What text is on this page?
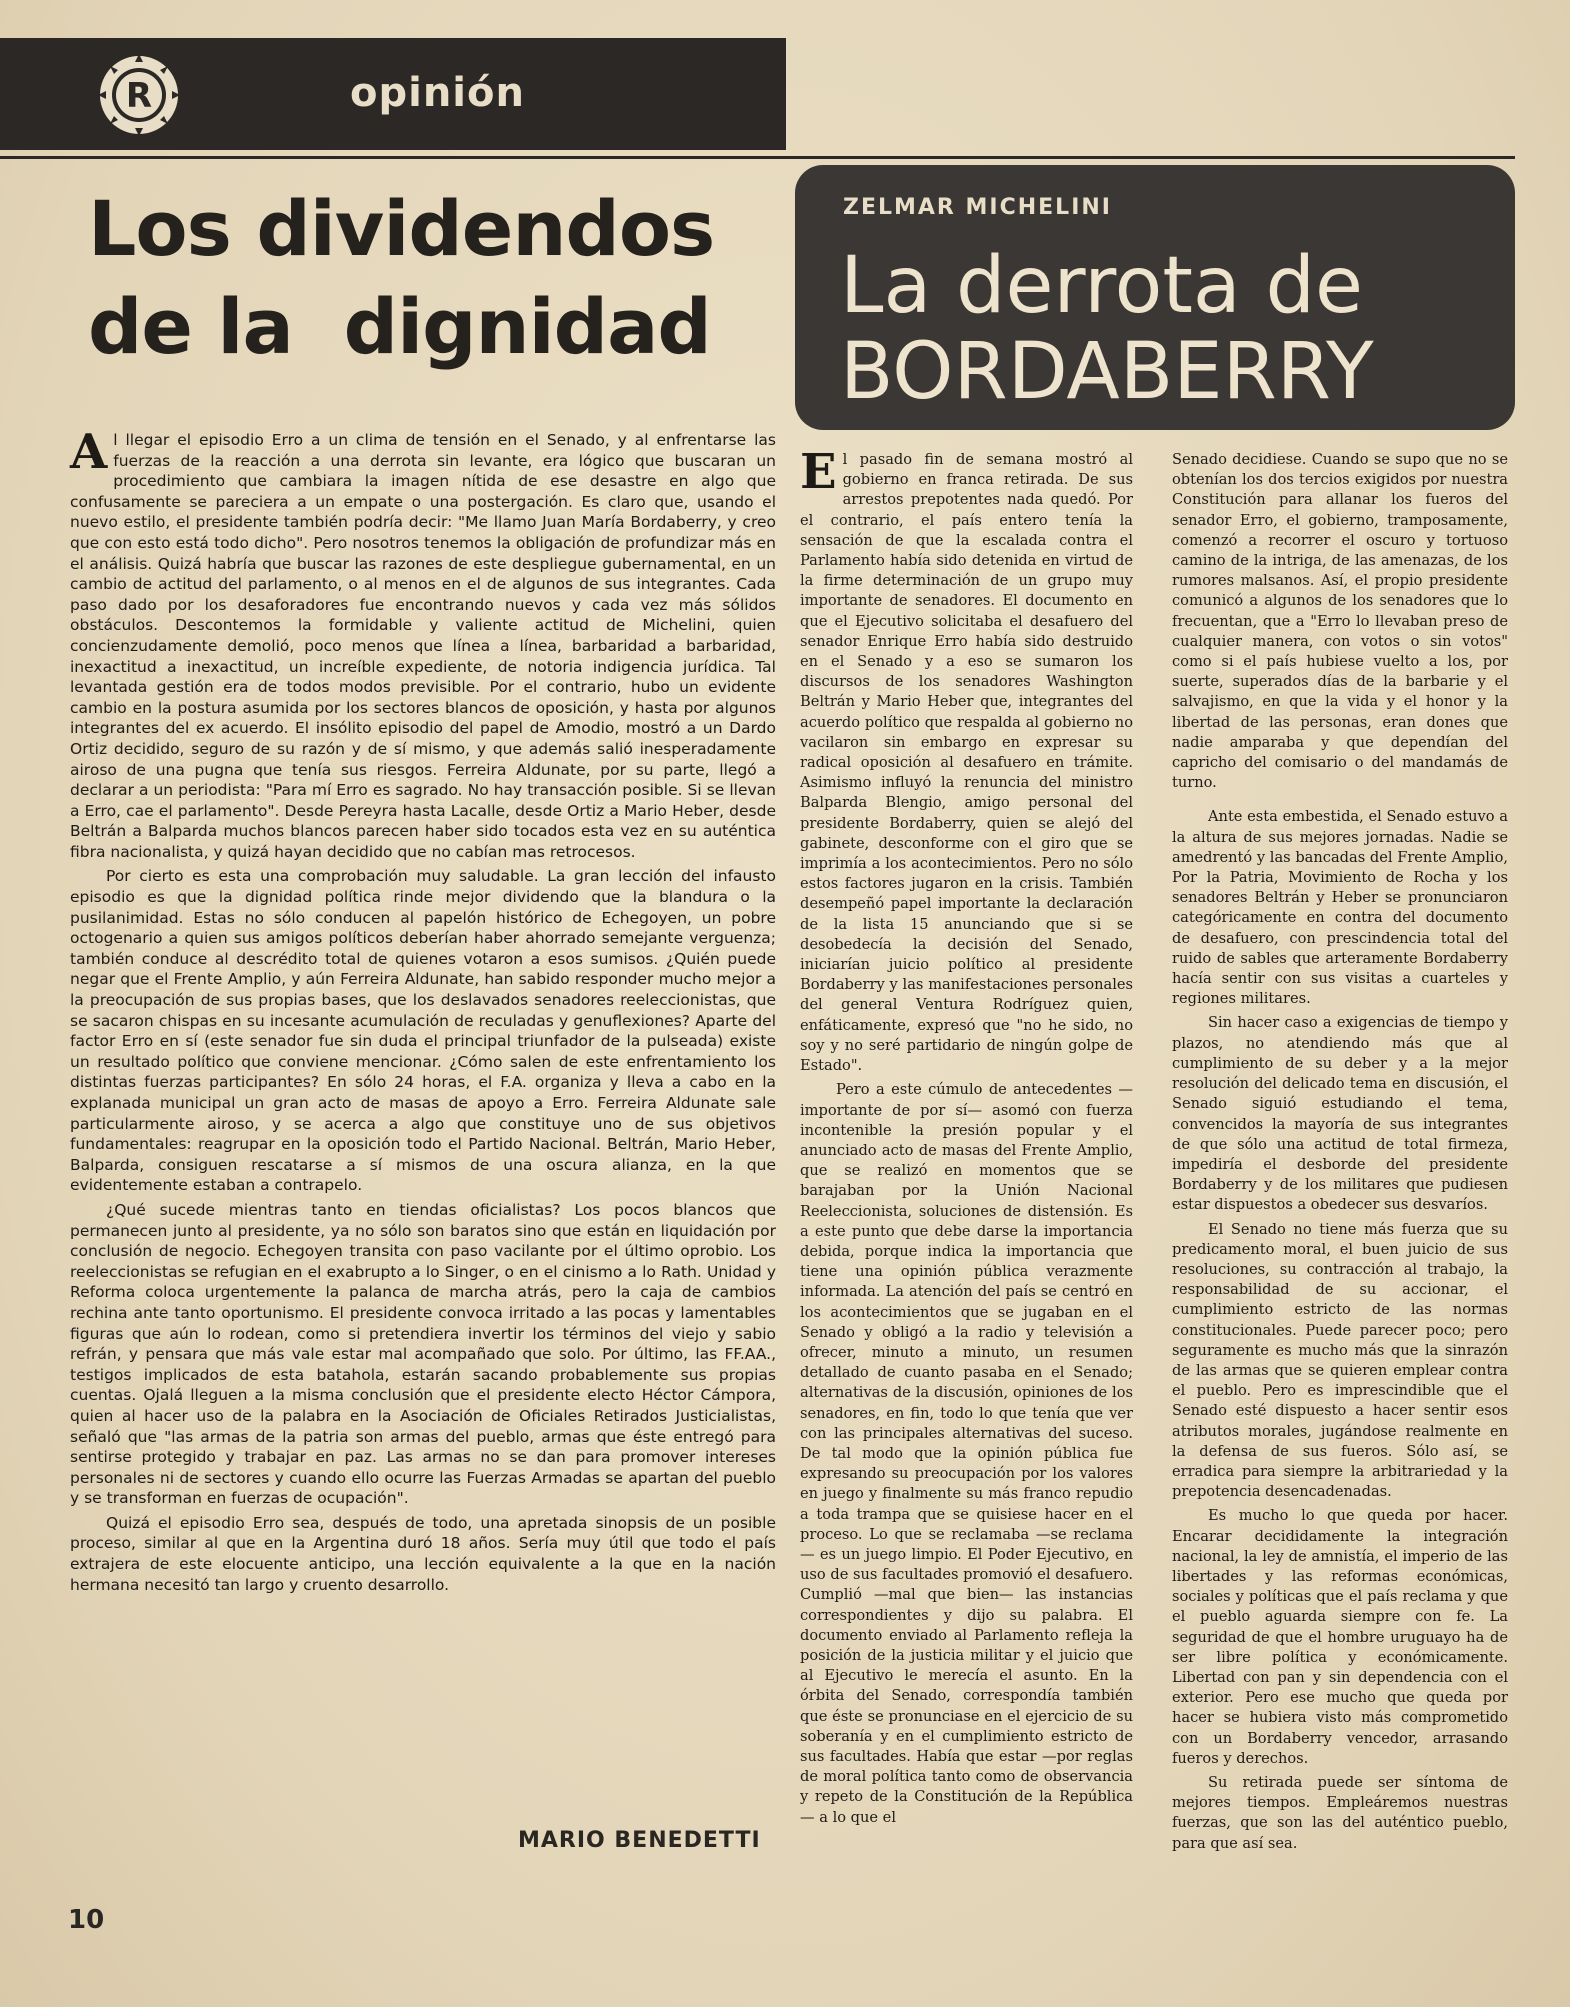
R	opinión
Los dividendos
de la  dignidad
ZELMAR MICHELINI
La derrota de
BORDABERRY

Al llegar el episodio Erro a un clima de tensión en el Senado, y al enfrentarse las fuerzas de la reacción a una derrota sin levante, era lógico que buscaran un procedimiento que cambiara la imagen nítida de ese desastre en algo que confusamente se pareciera a un empate o una postergación. Es claro que, usando el nuevo estilo, el presidente también podría decir: "Me llamo Juan María Bordaberry, y creo que con esto está todo dicho". Pero nosotros tenemos la obligación de profundizar más en el análisis. Quizá habría que buscar las razones de este despliegue gubernamental, en un cambio de actitud del parlamento, o al menos en el de algunos de sus integrantes. Cada paso dado por los desaforadores fue encontrando nuevos y cada vez más sólidos obstáculos. Descontemos la formidable y valiente actitud de Michelini, quien concienzudamente demolió, poco menos que línea a línea, barbaridad a barbaridad, inexactitud a inexactitud, un increíble expediente, de notoria indigencia jurídica. Tal levantada gestión era de todos modos previsible. Por el contrario, hubo un evidente cambio en la postura asumida por los sectores blancos de oposición, y hasta por algunos integrantes del ex acuerdo. El insólito episodio del papel de Amodio, mostró a un Dardo Ortiz decidido, seguro de su razón y de sí mismo, y que además salió inesperadamente airoso de una pugna que tenía sus riesgos. Ferreira Aldunate, por su parte, llegó a declarar a un periodista: "Para mí Erro es sagrado. No hay transacción posible. Si se llevan a Erro, cae el parlamento". Desde Pereyra hasta Lacalle, desde Ortiz a Mario Heber, desde Beltrán a Balparda muchos blancos parecen haber sido tocados esta vez en su auténtica fibra nacionalista, y quizá hayan decidido que no cabían mas retrocesos.

Por cierto es esta una comprobación muy saludable. La gran lección del infausto episodio es que la dignidad política rinde mejor dividendo que la blandura o la pusilanimidad. Estas no sólo conducen al papelón histórico de Echegoyen, un pobre octogenario a quien sus amigos políticos deberían haber ahorrado semejante verguenza; también conduce al descrédito total de quienes votaron a esos sumisos. ¿Quién puede negar que el Frente Amplio, y aún Ferreira Aldunate, han sabido responder mucho mejor a la preocupación de sus propias bases, que los deslavados senadores reeleccionistas, que se sacaron chispas en su incesante acumulación de reculadas y genuflexiones? Aparte del factor Erro en sí (este senador fue sin duda el principal triunfador de la pulseada) existe un resultado político que conviene mencionar. ¿Cómo salen de este enfrentamiento los distintas fuerzas participantes? En sólo 24 horas, el F.A. organiza y lleva a cabo en la explanada municipal un gran acto de masas de apoyo a Erro. Ferreira Aldunate sale particularmente airoso, y se acerca a algo que constituye uno de sus objetivos fundamentales: reagrupar en la oposición todo el Partido Nacional. Beltrán, Mario Heber, Balparda, consiguen rescatarse a sí mismos de una oscura alianza, en la que evidentemente estaban a contrapelo.

¿Qué sucede mientras tanto en tiendas oficialistas? Los pocos blancos que permanecen junto al presidente, ya no sólo son baratos sino que están en liquidación por conclusión de negocio. Echegoyen transita con paso vacilante por el último oprobio. Los reeleccionistas se refugian en el exabrupto a lo Singer, o en el cinismo a lo Rath. Unidad y Reforma coloca urgentemente la palanca de marcha atrás, pero la caja de cambios rechina ante tanto oportunismo. El presidente convoca irritado a las pocas y lamentables figuras que aún lo rodean, como si pretendiera invertir los términos del viejo y sabio refrán, y pensara que más vale estar mal acompañado que solo. Por último, las FF.AA., testigos implicados de esta batahola, estarán sacando probablemente sus propias cuentas. Ojalá lleguen a la misma conclusión que el presidente electo Héctor Cámpora, quien al hacer uso de la palabra en la Asociación de Oficiales Retirados Justicialistas, señaló que "las armas de la patria son armas del pueblo, armas que éste entregó para sentirse protegido y trabajar en paz. Las armas no se dan para promover intereses personales ni de sectores y cuando ello ocurre las Fuerzas Armadas se apartan del pueblo y se transforman en fuerzas de ocupación".

Quizá el episodio Erro sea, después de todo, una apretada sinopsis de un posible proceso, similar al que en la Argentina duró 18 años. Sería muy útil que todo el país extrajera de este elocuente anticipo, una lección equivalente a la que en la nación hermana necesitó tan largo y cruento desarrollo.

MARIO BENEDETTI

El pasado fin de semana mostró al gobierno en franca retirada. De sus arrestos prepotentes nada quedó. Por el contrario, el país entero tenía la sensación de que la escalada contra el Parlamento había sido detenida en virtud de la firme determinación de un grupo muy importante de senadores. El documento en que el Ejecutivo solicitaba el desafuero del senador Enrique Erro había sido destruido en el Senado y a eso se sumaron los discursos de los senadores Washington Beltrán y Mario Heber que, integrantes del acuerdo político que respalda al gobierno no vacilaron sin embargo en expresar su radical oposición al desafuero en trámite. Asimismo influyó la renuncia del ministro Balparda Blengio, amigo personal del presidente Bordaberry, quien se alejó del gabinete, desconforme con el giro que se imprimía a los acontecimientos. Pero no sólo estos factores jugaron en la crisis. También desempeñó papel importante la declaración de la lista 15 anunciando que si se desobedecía la decisión del Senado, iniciarían juicio político al presidente Bordaberry y las manifestaciones personales del general Ventura Rodríguez quien, enfáticamente, expresó que "no he sido, no soy y no seré partidario de ningún golpe de Estado".

Pero a este cúmulo de antecedentes —importante de por sí— asomó con fuerza incontenible la presión popular y el anunciado acto de masas del Frente Amplio, que se realizó en momentos que se barajaban por la Unión Nacional Reeleccionista, soluciones de distensión. Es a este punto que debe darse la importancia debida, porque indica la importancia que tiene una opinión pública verazmente informada. La atención del país se centró en los acontecimientos que se jugaban en el Senado y obligó a la radio y televisión a ofrecer, minuto a minuto, un resumen detallado de cuanto pasaba en el Senado; alternativas de la discusión, opiniones de los senadores, en fin, todo lo que tenía que ver con las principales alternativas del suceso. De tal modo que la opinión pública fue expresando su preocupación por los valores en juego y finalmente su más franco repudio a toda trampa que se quisiese hacer en el proceso. Lo que se reclamaba —se reclama— es un juego limpio. El Poder Ejecutivo, en uso de sus facultades promovió el desafuero. Cumplió —mal que bien— las instancias correspondientes y dijo su palabra. El documento enviado al Parlamento refleja la posición de la justicia militar y el juicio que al Ejecutivo le merecía el asunto. En la órbita del Senado, correspondía también que éste se pronunciase en el ejercicio de su soberanía y en el cumplimiento estricto de sus facultades. Había que estar —por reglas de moral política tanto como de observancia y repeto de la Constitución de la República— a lo que el

Senado decidiese. Cuando se supo que no se obtenían los dos tercios exigidos por nuestra Constitución para allanar los fueros del senador Erro, el gobierno, tramposamente, comenzó a recorrer el oscuro y tortuoso camino de la intriga, de las amenazas, de los rumores malsanos. Así, el propio presidente comunicó a algunos de los senadores que lo frecuentan, que a "Erro lo llevaban preso de cualquier manera, con votos o sin votos" como si el país hubiese vuelto a los, por suerte, superados días de la barbarie y el salvajismo, en que la vida y el honor y la libertad de las personas, eran dones que nadie amparaba y que dependían del capricho del comisario o del mandamás de turno.

Ante esta embestida, el Senado estuvo a la altura de sus mejores jornadas. Nadie se amedrentó y las bancadas del Frente Amplio, Por la Patria, Movimiento de Rocha y los senadores Beltrán y Heber se pronunciaron categóricamente en contra del documento de desafuero, con prescindencia total del ruido de sables que arteramente Bordaberry hacía sentir con sus visitas a cuarteles y regiones militares.

Sin hacer caso a exigencias de tiempo y plazos, no atendiendo más que al cumplimiento de su deber y a la mejor resolución del delicado tema en discusión, el Senado siguió estudiando el tema, convencidos la mayoría de sus integrantes de que sólo una actitud de total firmeza, impediría el desborde del presidente Bordaberry y de los militares que pudiesen estar dispuestos a obedecer sus desvaríos.

El Senado no tiene más fuerza que su predicamento moral, el buen juicio de sus resoluciones, su contracción al trabajo, la responsabilidad de su accionar, el cumplimiento estricto de las normas constitucionales. Puede parecer poco; pero seguramente es mucho más que la sinrazón de las armas que se quieren emplear contra el pueblo. Pero es imprescindible que el Senado esté dispuesto a hacer sentir esos atributos morales, jugándose realmente en la defensa de sus fueros. Sólo así, se erradica para siempre la arbitrariedad y la prepotencia desencadenadas.

Es mucho lo que queda por hacer. Encarar decididamente la integración nacional, la ley de amnistía, el imperio de las libertades y las reformas económicas, sociales y políticas que el país reclama y que el pueblo aguarda siempre con fe. La seguridad de que el hombre uruguayo ha de ser libre política y económicamente. Libertad con pan y sin dependencia con el exterior. Pero ese mucho que queda por hacer se hubiera visto más comprometido con un Bordaberry vencedor, arrasando fueros y derechos.

Su retirada puede ser síntoma de mejores tiempos. Empleáremos nuestras fuerzas, que son las del auténtico pueblo, para que así sea.

10
